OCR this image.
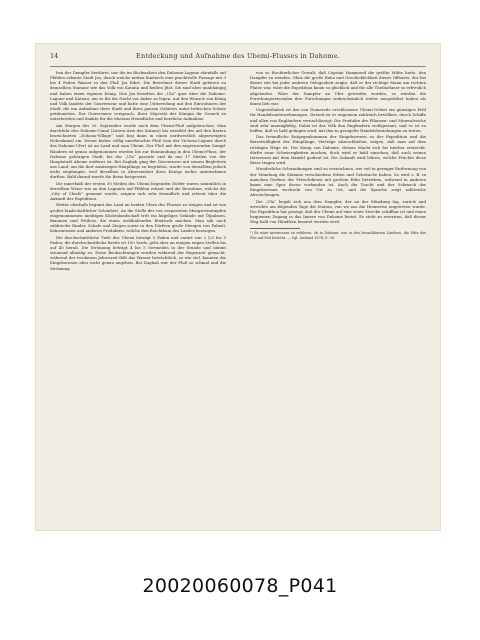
14	Entdeckung und Aufnahme des Ubemi-Flusses in Dahome.

ben der Dampfer berührte, nur die im Rückwalsen den Dahome-Lagune ebenfalls auf Pfählen erbaute Stadt Jsa, durch welche mitten hindurch eine prachtvolle Passage mit 3 bis 4 Faden Wasser in den Fluß Jsa führt. Die Bewohner dieser Stadt gehören zu demselben Stamme wie das Volk von Katanu und heißen Jfiot. Sie sind aber unabhängig und haben einen eigenen König. Den Jsa fesselten die „Ula“ quer über die Dahome-Lagune und Katanu, um es für die Nacht vor Anker zu legen. Auf den Wunsch von König und Volk landete der Gouverneur und hatte eine Unterredung mit den Einwohnern der Stadt, die um Aufnahme ihrer Stadt und ihres ganzen Gebietes unter britischen Schutz petitionirten. Der Gouverneur versprach, Ihrer Majestät der Königin ihr Gesuch zu unterbreiten und dankte für die überaus freundliche und herzliche Aufnahme.

Am Morgen des 20. September wurde nach dem Ubemi-Fluß aufgebrochen. Man durchfuhr den Dahome-Canal (Lutera-Arm des Katanu) bis zweifeld des auf den Karten bezeichneten „Dohonu-Village“ und bog dann in einen nordwestlich abgezweigten Nebenkanal ein. Dieser bisher völlig unerforschte Fluß (von der Victoria-Lagune durch das Dahome-Ufer) ist an Land und zum Ubemi. Der Fluß mit den angrenzenden Sumpf-Rändern ist genau aufgenommen worden bis zur Einmündung in den Ubemi-Fluss, der Dahome gehörigen Stadt, bis der „Ula“ passirte und da nur 17 Meilen von der Hauptstadt Abome entfernt ist. Bei Dagbah ging der Gouverneur mit seinen Begleitern ans Land, um die dort ansässigen Häuptlinge zu begrüßen, wurde von denselben jedoch nicht empfangen, weil dieselben in Abwesenheit ihres Königs nichts unternehmen durften. Bald darauf wurde die Reise fortgesetzt.

Die innerhalb der ersten 30 Meilen des Ubemi liegenden Dörfer waren sämmtlich in derselben Weise wie an den Lagunen auf Pfählen erbaut und die Bewohner, welche die „City of Chiefs“ genannt wurde, zeigten sich sehr freundlich und erfreut über die Ankunft der Expedition.

Weiter oberhalb beginnt das Land an beiden Ufern des Flusses zu steigen und ist von großer landschaftlicher Schönheit. An die Stelle der von verpesteten Mangrovesümpfen eingenommenen niedrigen Küstenlandschaft tritt ein hügeliges Gelände mit Ölpalmen, Bananen und Feldern, die einen wohlhabenden Eindruck machen. Man sah auch zahlreiche Rinder, Schafe und Ziegen sowie in den Dörfern große Mengen von Palmöl, Kokosnüssen und anderen Produkten, welche den Reichthum des Landes bezeugen.

Die durchschnittliche Tiefe des Ubemi beträgt 3 Faden und variirt von 2 1/2 bis 5 Faden; die durchschnittliche Breite ist 100 Yards, geht aber an einigen engen Stellen bis auf 40 herab. Die Strömung beträgt 4 bis 5 Seemeilen in der Stunde und nimmt stromauf allmälig zu. Diese Beobachtungen wurden während der Regenzeit gemacht; während der trockenen Jahreszeit fällt das Wasser beträchtlich, so wie viel, konnten die Eingeborenen aber nicht genau angeben. Bei Dagbah war der Fluß so schmal und die Strömung

von so fürchterlicher Gewalt, daß Captain Hammond die größte Mühe hatte, den Dampfer zu wenden. Ohne die große Ruhe und Geschicklichkeit dieses Offiziers, der bei dieser wie bei jeder anderen Gelegenheit zeigte, daß er der richtige Mann am rechten Platze war, wäre die Expedition kaum so glücklich und für alle Theilnehmer so erfreulich abgelaufen. Wäre der Dampfer an Ufer geworfen worden, so würden die Forschungsreisenden ihre Forschungen wahrscheinlich weiter ausgedehnt haben als ihnen lieb war.

Ungewöhnlich ist das von Dumarede erschlossene Ubemi-Gebiet ein günstiges Feld für Handelsunternehmungen. Derzeit ist es ungemein zahlreich bevölkert, durch Schiffe und allen von Engländern vernachlässigt; Die Produkte der Pflanzen- und Mineralreiche sind sehr mannigfaltig. Dabei ist das Volk den Engländern wohlgesinnt, und es ist zu hoffen, daß es bald gelingen wird, mit ihm in geregelte Handelsbeziehungen zu treten.

Das freundliche Entgegenkommen der Eingeborenen zu der Expedition und die Bereitwilligkeit der Häuptlinge, Verträge abzuschließen, zeigen, daß man auf dem richtigen Wege ist. Der König von Dahome, dessen Macht sich bis hierher erstreckt, dürfte zwar Schwierigkeiten machen, doch wird er bald einsehen, daß auch seinen Interessen mit dem Handel gedient ist. Die Zukunft wird lehren, welche Früchte diese Reise tragen wird.

Wunderliche Schwankungen sind zu verzeichnen, wie viel in geringer Entfernung von der Mündung die Stämme verschiedene Sitten und Gebräuche haben. So wird z. B. in manchen Dörfern der Fetischdienst mit großem Eifer betrieben, während in anderen kaum eine Spur davon vorhanden ist. Auch die Tracht und der Schmuck der Eingeborenen wechseln von Ort zu Ort, und die Sprache zeigt zahlreiche Abweichungen.

Die „Ula“ begab sich aus dem Dampfer, der an der Mündung lag, zurück und erreichte am folgenden Tage die Station, von wo aus die Heimreise angetreten wurde. Die Expedition hat gezeigt, daß der Ubemi auf eine weite Strecke schiffbar ist und einen bequemen Zugang in das Innere von Dahome bietet. Es steht zu erwarten, daß dieser Weg bald von Händlern benutzt werden wird.

¹) Es wäre interessant zu erfahren, ob in Dahome, wie in den benachbarten Ländern, die Sitte der Ehe auf Zeit besteht. — Vgl. Ausland 1874, S. 56.
20020060078_P041
